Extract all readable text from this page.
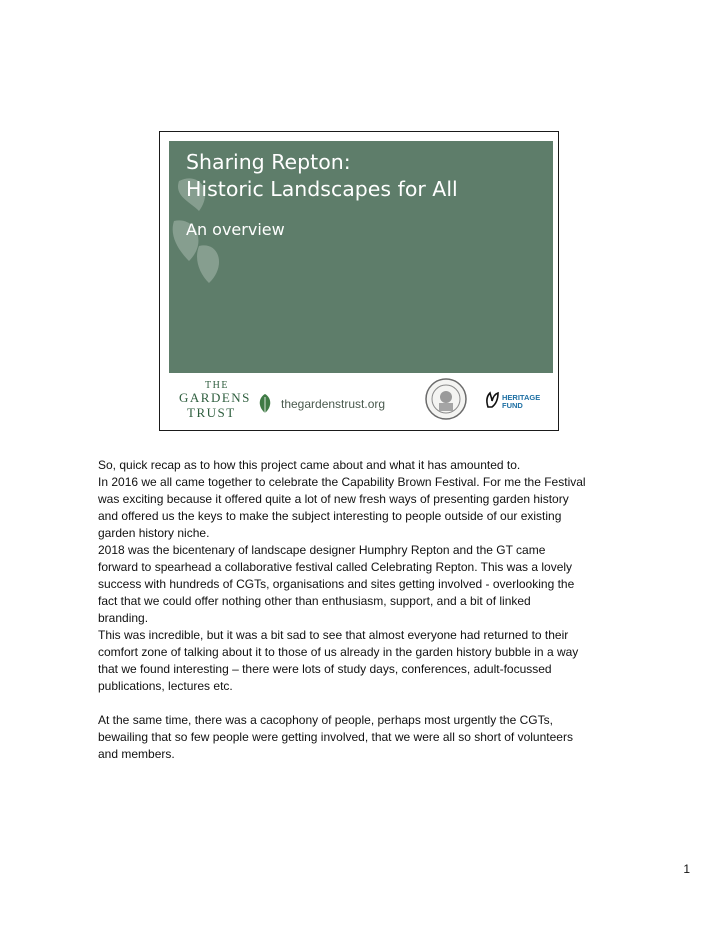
Sharing Repton:
Historic Landscapes for All
An overview
THE
GARDENS
TRUST
thegardenstrust.org	HERITAGE
FUND

So, quick recap as to how this project came about and what it has amounted to.

In 2016 we all came together to celebrate the Capability Brown Festival. For me the Festival

was exciting because it offered quite a lot of new fresh ways of presenting garden history

and offered us the keys to make the subject interesting to people outside of our existing

garden history niche.

2018 was the bicentenary of landscape designer Humphry Repton and the GT came

forward to spearhead a collaborative festival called Celebrating Repton. This was a lovely

success with hundreds of CGTs, organisations and sites getting involved - overlooking the

fact that we could offer nothing other than enthusiasm, support, and a bit of linked

branding.

This was incredible, but it was a bit sad to see that almost everyone had returned to their

comfort zone of talking about it to those of us already in the garden history bubble in a way

that we found interesting – there were lots of study days, conferences, adult-focussed

publications, lectures etc.

At the same time, there was a cacophony of people, perhaps most urgently the CGTs,

bewailing that so few people were getting involved, that we were all so short of volunteers

and members.

1
